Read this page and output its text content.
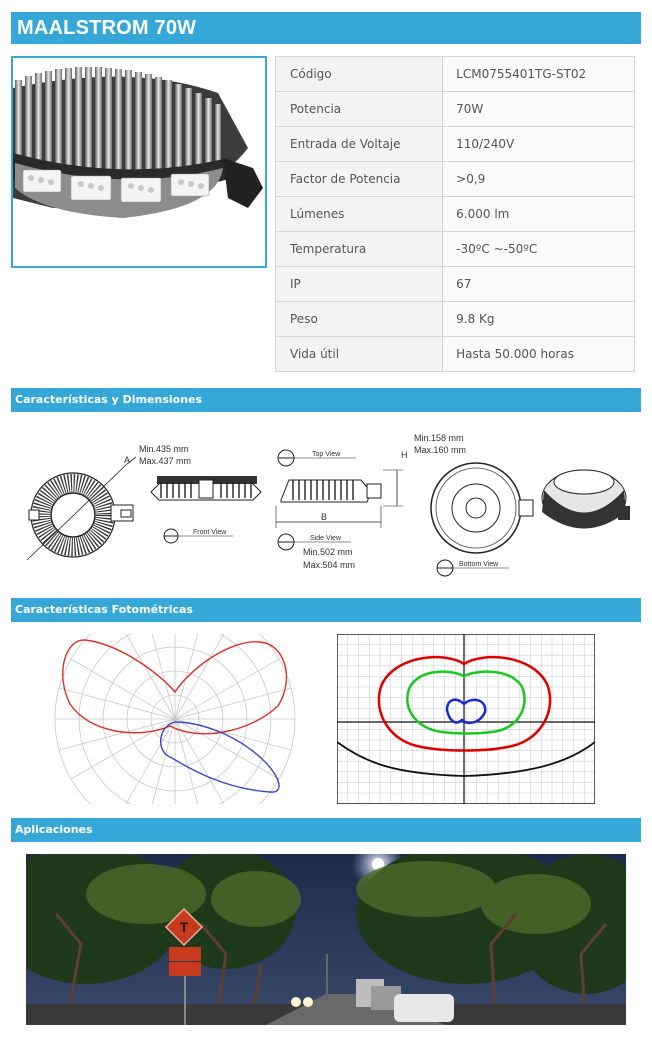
MAALSTROM 70W
Código	LCM0755401TG-ST02
Potencia	70W
Entrada de Voltaje	110/240V
Factor de Potencia	>0,9
Lúmenes	6.000 lm
Temperatura	-30ºC ~-50ºC
IP	67
Peso	9.8 Kg
Vida útil	Hasta 50.000 horas
Características y Dimensiones
A
Min.435 mm
Max.437 mm
Front View
Top View
B
H
Side View
Min.502 mm
Max.504 mm
Min.158 mm
Max.160 mm
Bottom View
Características Fotométricas
Aplicaciones
T
